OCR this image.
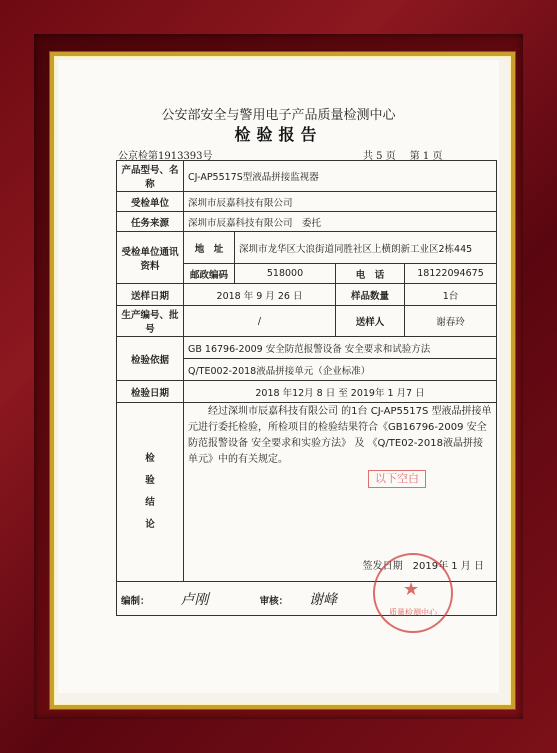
公安部安全与警用电子产品质量检测中心
检验报告
公京检第1913393号	共 5 页 第 1 页
产品型号、名称	CJ-AP5517S型液晶拼接监视器			
受检单位	深圳市辰嘉科技有限公司			
任务来源	深圳市辰嘉科技有限公司　委托			
受检单位通讯资料	地　址	深圳市龙华区大浪街道同胜社区上横朗新工业区2栋445		
	邮政编码	518000	电　话	18122094675
送样日期	2018 年 9 月 26 日		样品数量	1台
生产编号、批号	/		送样人	谢春玲
检验依据	GB 16796-2009 安全防范报警设备 安全要求和试验方法			
	Q/TE002-2018液晶拼接单元（企业标准）			
检验日期	2018 年12月 8 日 至 2019年 1 月7 日			
检验结论	经过深圳市辰嘉科技有限公司 的1台 CJ-AP5517S 型液晶拼接单元进行委托检验，所检项目的检验结果符合《GB16796-2009 安全防范报警设备 安全要求和实验方法》 及 《Q/TE02-2018液晶拼接单元》中的有关规定。
以下空白
签发日期　2019年 1 月 日			

编制： 卢刚 审核： 谢峰					★
质量检测中心
